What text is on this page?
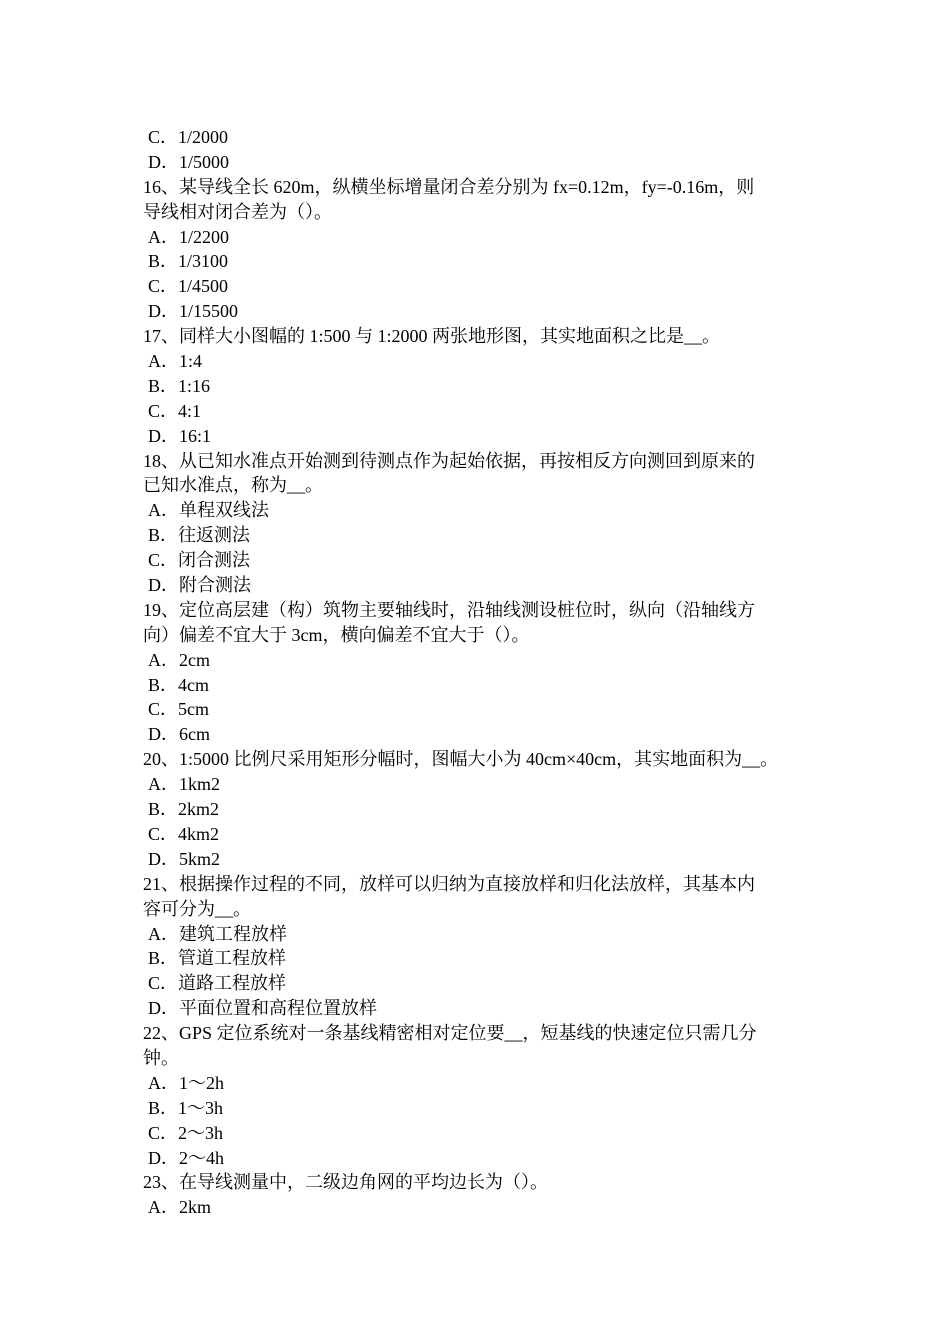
C．1/2000
D．1/5000
16、某导线全长 620m，纵横坐标增量闭合差分别为 fx=0.12m，fy=-0.16m，则
导线相对闭合差为（）。
A．1/2200
B．1/3100
C．1/4500
D．1/15500
17、同样大小图幅的 1:500 与 1:2000 两张地形图，其实地面积之比是__。
A．1:4
B．1:16
C．4:1
D．16:1
18、从已知水准点开始测到待测点作为起始依据，再按相反方向测回到原来的
已知水准点，称为__。
A．单程双线法
B．往返测法
C．闭合测法
D．附合测法
19、定位高层建（构）筑物主要轴线时，沿轴线测设桩位时，纵向（沿轴线方
向）偏差不宜大于 3cm，横向偏差不宜大于（）。
A．2cm
B．4cm
C．5cm
D．6cm
20、1:5000 比例尺采用矩形分幅时，图幅大小为 40cm×40cm，其实地面积为__。
A．1km2
B．2km2
C．4km2
D．5km2
21、根据操作过程的不同，放样可以归纳为直接放样和归化法放样，其基本内
容可分为__。
A．建筑工程放样
B．管道工程放样
C．道路工程放样
D．平面位置和高程位置放样
22、GPS 定位系统对一条基线精密相对定位要__，短基线的快速定位只需几分
钟。
A．1～2h
B．1～3h
C．2～3h
D．2～4h
23、在导线测量中，二级边角网的平均边长为（）。
A．2km
